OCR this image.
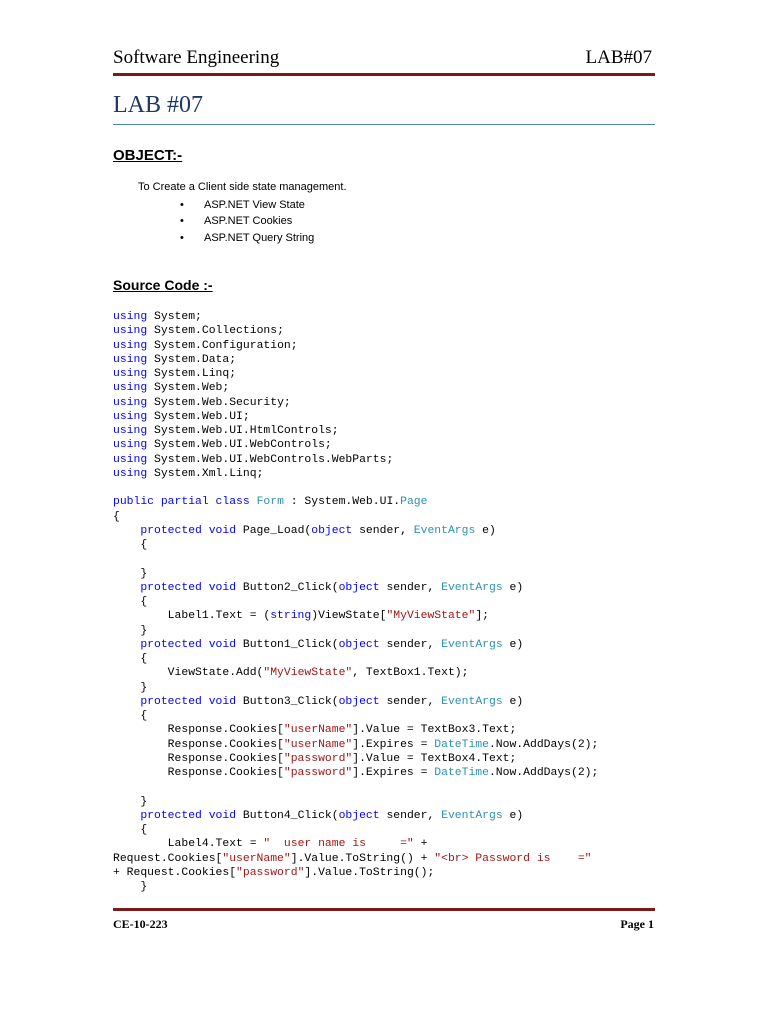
Software Engineering	LAB#07
LAB #07
OBJECT:-
To Create a Client side state management.
• ASP.NET View State
• ASP.NET Cookies
• ASP.NET Query String
Source Code :-
using System;
using System.Collections;
using System.Configuration;
using System.Data;
using System.Linq;
using System.Web;
using System.Web.Security;
using System.Web.UI;
using System.Web.UI.HtmlControls;
using System.Web.UI.WebControls;
using System.Web.UI.WebControls.WebParts;
using System.Xml.Linq;

public partial class Form : System.Web.UI.Page
{
protected void Page_Load(object sender, EventArgs e)
{

}
protected void Button2_Click(object sender, EventArgs e)
{
Label1.Text = (string)ViewState["MyViewState"];
}
protected void Button1_Click(object sender, EventArgs e)
{
ViewState.Add("MyViewState", TextBox1.Text);
}
protected void Button3_Click(object sender, EventArgs e)
{
Response.Cookies["userName"].Value = TextBox3.Text;
Response.Cookies["userName"].Expires = DateTime.Now.AddDays(2);
Response.Cookies["password"].Value = TextBox4.Text;
Response.Cookies["password"].Expires = DateTime.Now.AddDays(2);

}
protected void Button4_Click(object sender, EventArgs e)
{
Label4.Text = "  user name is     =" +
Request.Cookies["userName"].Value.ToString() + "<br> Password is    ="
+ Request.Cookies["password"].Value.ToString();
}
CE-10-223	Page 1
